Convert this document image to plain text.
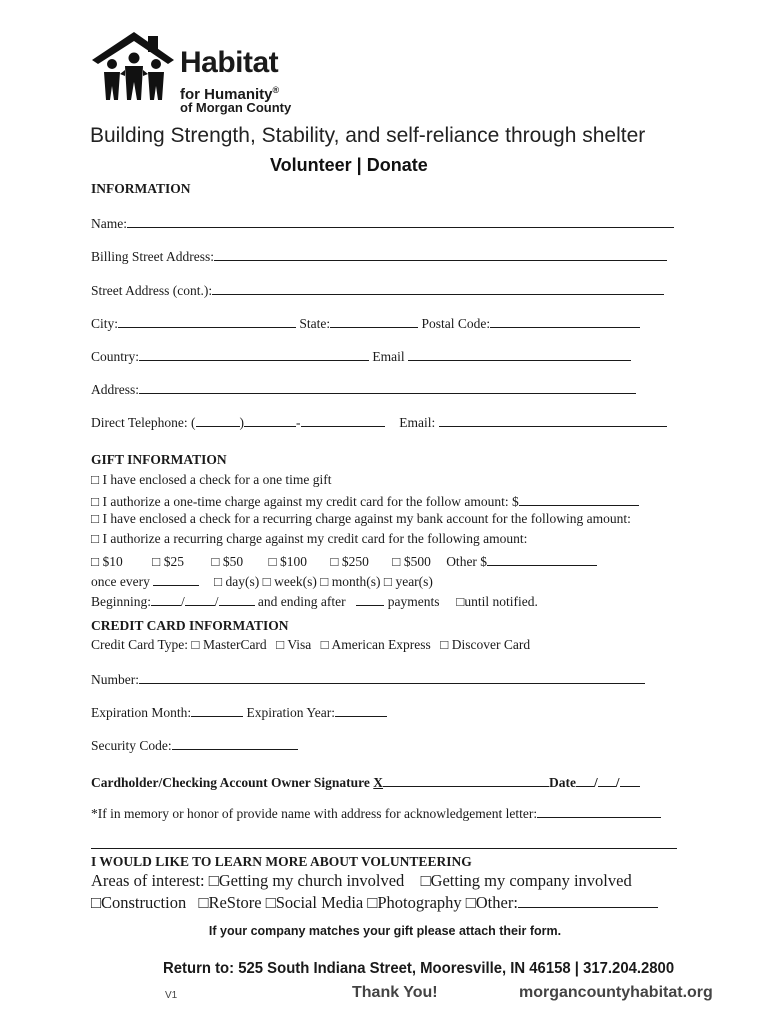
Habitat
for Humanity®
of Morgan County
Building Strength, Stability, and self-reliance through shelter
Volunteer | Donate
INFORMATION
Name:
Billing Street Address:
Street Address (cont.):
City:	State:	Postal Code:
Country:	Email
Address:
Direct Telephone: (	)	-	Email:
GIFT INFORMATION
□ I have enclosed a check for a one time gift
□ I authorize a one-time charge against my credit card for the follow amount: $
□ I have enclosed a check for a recurring charge against my bank account for the following amount:
□ I authorize a recurring charge against my credit card for the following amount:
□ $10 □ $25 □ $50 □ $100 □ $250 □ $500 Other $
once every	□ day(s) □ week(s) □ month(s) □ year(s)
Beginning: / /	and ending after	payments □until notified.
CREDIT CARD INFORMATION
Credit Card Type: □ MasterCard □ Visa □ American Express □ Discover Card
Number:
Expiration Month:	Expiration Year:
Security Code:
Cardholder/Checking Account Owner Signature X	Date / /
*If in memory or honor of provide name with address for acknowledgement letter:
I WOULD LIKE TO LEARN MORE ABOUT VOLUNTEERING
Areas of interest: □Getting my church involved □Getting my company involved
□Construction □ReStore □Social Media □Photography □Other:
If your company matches your gift please attach their form.
Return to: 525 South Indiana Street, Mooresville, IN 46158 | 317.204.2800
V1	Thank You!	morgancountyhabitat.org
